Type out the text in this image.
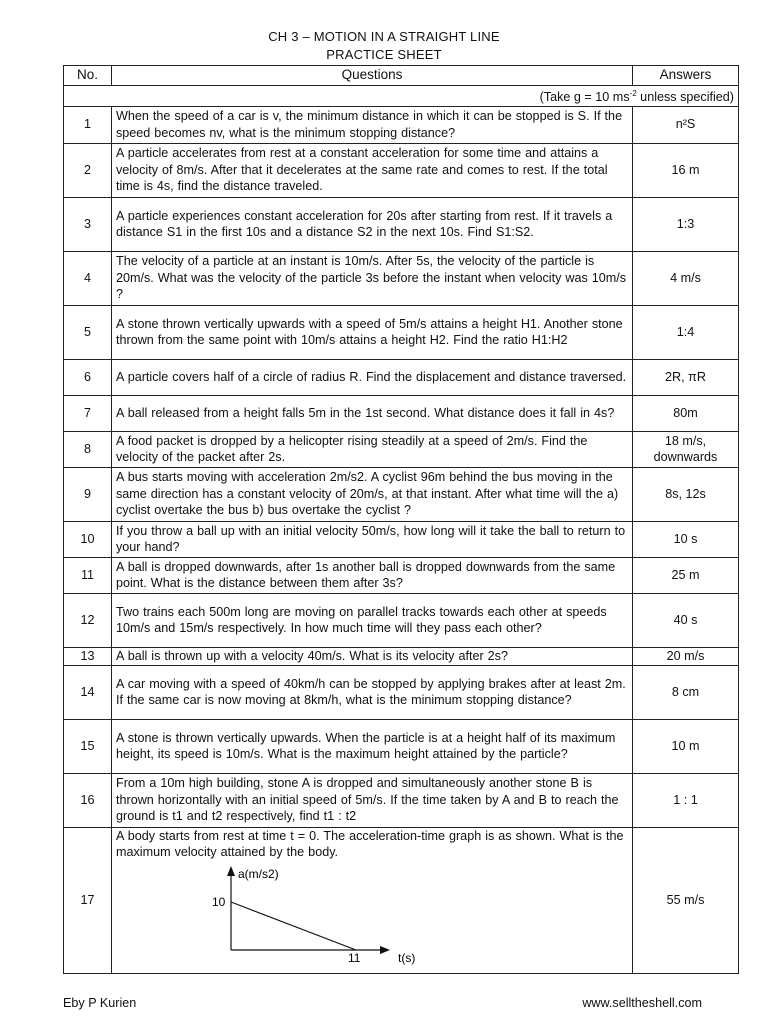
CH 3 – MOTION IN A STRAIGHT LINE
PRACTICE SHEET
No.	Questions	Answers
(Take g = 10 $ms^{-2}$ unless specified)		
1	When the speed of a car is v, the minimum distance in which it can be stopped is S. If the speed becomes nv, what is the minimum stopping distance?	n²S
2	A particle accelerates from rest at a constant acceleration for some time and attains a velocity of 8m/s. After that it decelerates at the same rate and comes to rest. If the total time is 4s, find the distance traveled.	16 m
3	A particle experiences constant acceleration for 20s after starting from rest. If it travels a distance S1 in the first 10s and a distance S2 in the next 10s. Find S1:S2.	1:3
4	The velocity of a particle at an instant is 10m/s. After 5s, the velocity of the particle is 20m/s. What was the velocity of the particle 3s before the instant when velocity was 10m/s ?	4 m/s
5	A stone thrown vertically upwards with a speed of 5m/s attains a height H1. Another stone thrown from the same point with 10m/s attains a height H2. Find the ratio H1:H2	1:4
6	A particle covers half of a circle of radius R. Find the displacement and distance traversed.	2R, πR
7	A ball released from a height falls 5m in the 1st second. What distance does it fall in 4s?	80m
8	A food packet is dropped by a helicopter rising steadily at a speed of 2m/s. Find the velocity of the packet after 2s.	18 m/s, downwards
9	A bus starts moving with acceleration 2m/s2. A cyclist 96m behind the bus moving in the same direction has a constant velocity of 20m/s, at that instant. After what time will the a) cyclist overtake the bus b) bus overtake the cyclist ?	8s, 12s
10	If you throw a ball up with an initial velocity 50m/s, how long will it take the ball to return to your hand?	10 s
11	A ball is dropped downwards, after 1s another ball is dropped downwards from the same point. What is the distance between them after 3s?	25 m
12	Two trains each 500m long are moving on parallel tracks towards each other at speeds 10m/s and 15m/s respectively. In how much time will they pass each other?	40 s
13	A ball is thrown up with a velocity 40m/s. What is its velocity after 2s?	20 m/s
14	A car moving with a speed of 40km/h can be stopped by applying brakes after at least 2m. If the same car is now moving at 8km/h, what is the minimum stopping distance?	8 cm
15	A stone is thrown vertically upwards. When the particle is at a height half of its maximum height, its speed is 10m/s. What is the maximum height attained by the particle?	10 m
16	From a 10m high building, stone A is dropped and simultaneously another stone B is thrown horizontally with an initial speed of 5m/s. If the time taken by A and B to reach the ground is t1 and t2 respectively, find t1 : t2	1 : 1
17	A body starts from rest at time t = 0. The acceleration-time graph is as shown. What is the maximum velocity attained by the body.
a(m/s2)
10
11 t(s)	55 m/s
Eby P Kurien	www.selltheshell.com
